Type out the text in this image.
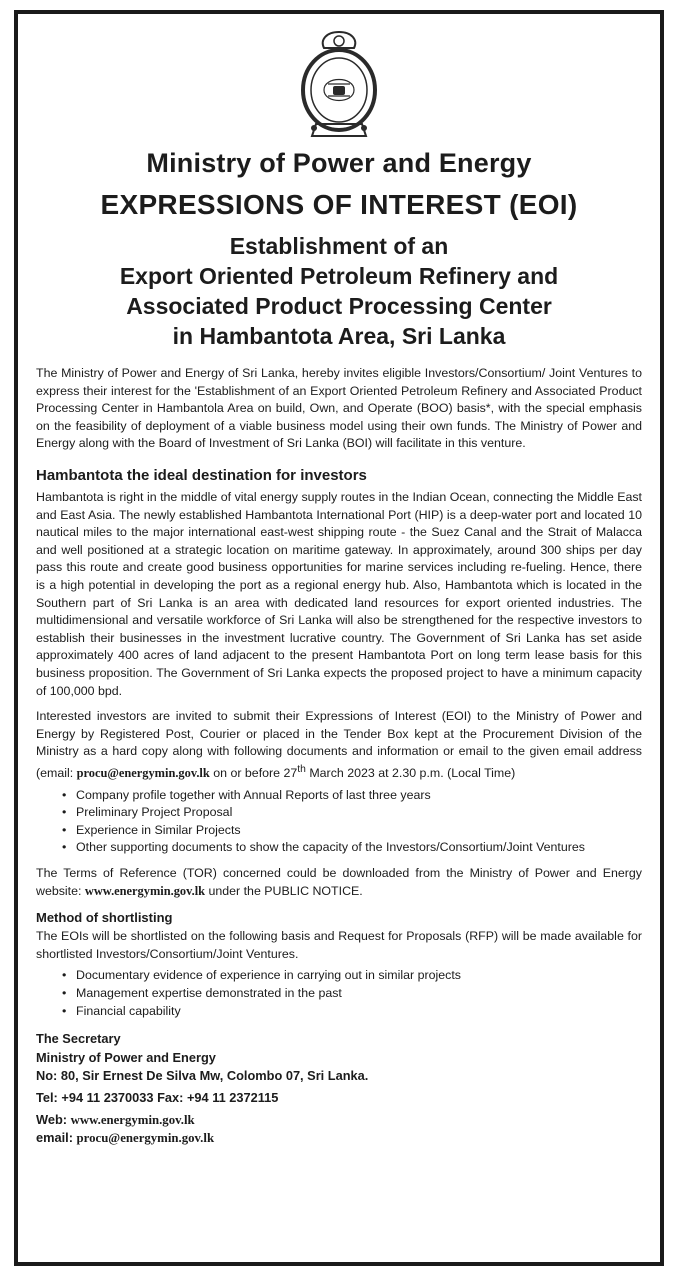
Ministry of Power and Energy
EXPRESSIONS OF INTEREST (EOI)
Establishment of an
Export Oriented Petroleum Refinery and
Associated Product Processing Center
in Hambantota Area, Sri Lanka

The Ministry of Power and Energy of Sri Lanka, hereby invites eligible Investors/Consortium/ Joint Ventures to express their interest for the 'Establishment of an Export Oriented Petroleum Refinery and Associated Product Processing Center in Hambantola Area on build, Own, and Operate (BOO) basis*, with the special emphasis on the feasibility of deployment of a viable business model using their own funds. The Ministry of Power and Energy along with the Board of Investment of Sri Lanka (BOI) will facilitate in this venture.

Hambantota the ideal destination for investors

Hambantota is right in the middle of vital energy supply routes in the Indian Ocean, connecting the Middle East and East Asia. The newly established Hambantota International Port (HIP) is a deep-water port and located 10 nautical miles to the major international east-west shipping route - the Suez Canal and the Strait of Malacca and well positioned at a strategic location on maritime gateway. In approximately, around 300 ships per day pass this route and create good business opportunities for marine services including re-fueling. Hence, there is a high potential in developing the port as a regional energy hub. Also, Hambantota which is located in the Southern part of Sri Lanka is an area with dedicated land resources for export oriented industries. The multidimensional and versatile workforce of Sri Lanka will also be strengthened for the respective investors to establish their businesses in the investment lucrative country. The Government of Sri Lanka has set aside approximately 400 acres of land adjacent to the present Hambantota Port on long term lease basis for this business proposition. The Government of Sri Lanka expects the proposed project to have a minimum capacity of 100,000 bpd.

Interested investors are invited to submit their Expressions of Interest (EOI) to the Ministry of Power and Energy by Registered Post, Courier or placed in the Tender Box kept at the Procurement Division of the Ministry as a hard copy along with following documents and information or email to the given email address (email: procu@energymin.gov.lk on or before 27th March 2023 at 2.30 p.m. (Local Time)

• Company profile together with Annual Reports of last three years
• Preliminary Project Proposal
• Experience in Similar Projects
• Other supporting documents to show the capacity of the Investors/Consortium/Joint Ventures

The Terms of Reference (TOR) concerned could be downloaded from the Ministry of Power and Energy website: www.energymin.gov.lk under the PUBLIC NOTICE.

Method of shortlisting

The EOIs will be shortlisted on the following basis and Request for Proposals (RFP) will be made available for shortlisted Investors/Consortium/Joint Ventures.

• Documentary evidence of experience in carrying out in similar projects
• Management expertise demonstrated in the past
• Financial capability
The Secretary
Ministry of Power and Energy
No: 80, Sir Ernest De Silva Mw, Colombo 07, Sri Lanka.
Tel: +94 11 2370033 Fax: +94 11 2372115
Web: www.energymin.gov.lk
email: procu@energymin.gov.lk
